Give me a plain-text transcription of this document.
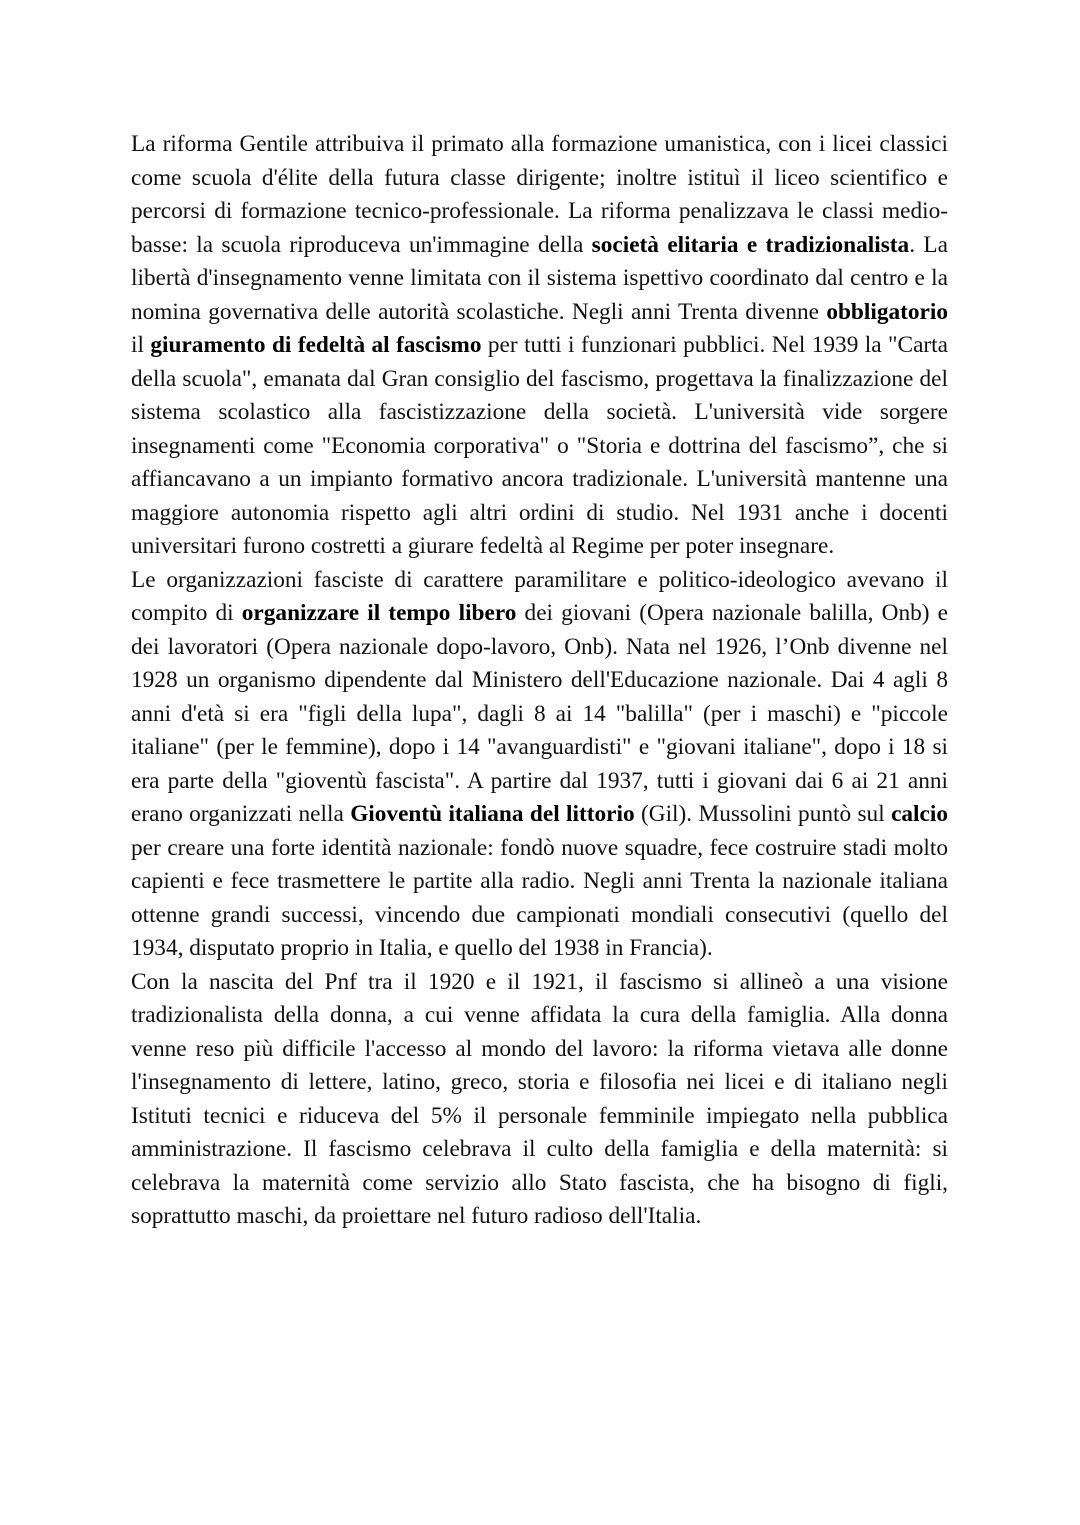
La riforma Gentile attribuiva il primato alla formazione umanistica, con i licei classici come scuola d'élite della futura classe dirigente; inoltre istituì il liceo scientifico e percorsi di formazione tecnico-professionale. La riforma penalizzava le classi medio-basse: la scuola riproduceva un'immagine della società elitaria e tradizionalista. La libertà d'insegnamento venne limitata con il sistema ispettivo coordinato dal centro e la nomina governativa delle autorità scolastiche. Negli anni Trenta divenne obbligatorio il giuramento di fedeltà al fascismo per tutti i funzionari pubblici. Nel 1939 la "Carta della scuola", emanata dal Gran consiglio del fascismo, progettava la finalizzazione del sistema scolastico alla fascistizzazione della società. L'università vide sorgere insegnamenti come "Economia corporativa" o "Storia e dottrina del fascismo”, che si affiancavano a un impianto formativo ancora tradizionale. L'università mantenne una maggiore autonomia rispetto agli altri ordini di studio. Nel 1931 anche i docenti universitari furono costretti a giurare fedeltà al Regime per poter insegnare.

Le organizzazioni fasciste di carattere paramilitare e politico-ideologico avevano il compito di organizzare il tempo libero dei giovani (Opera nazionale balilla, Onb) e dei lavoratori (Opera nazionale dopo-lavoro, Onb). Nata nel 1926, l’Onb divenne nel 1928 un organismo dipendente dal Ministero dell'Educazione nazionale. Dai 4 agli 8 anni d'età si era "figli della lupa", dagli 8 ai 14 "balilla" (per i maschi) e "piccole italiane" (per le femmine), dopo i 14 "avanguardisti" e "giovani italiane", dopo i 18 si era parte della "gioventù fascista". A partire dal 1937, tutti i giovani dai 6 ai 21 anni erano organizzati nella Gioventù italiana del littorio (Gil). Mussolini puntò sul calcio per creare una forte identità nazionale: fondò nuove squadre, fece costruire stadi molto capienti e fece trasmettere le partite alla radio. Negli anni Trenta la nazionale italiana ottenne grandi successi, vincendo due campionati mondiali consecutivi (quello del 1934, disputato proprio in Italia, e quello del 1938 in Francia).

Con la nascita del Pnf tra il 1920 e il 1921, il fascismo si allineò a una visione tradizionalista della donna, a cui venne affidata la cura della famiglia. Alla donna venne reso più difficile l'accesso al mondo del lavoro: la riforma vietava alle donne l'insegnamento di lettere, latino, greco, storia e filosofia nei licei e di italiano negli Istituti tecnici e riduceva del 5% il personale femminile impiegato nella pubblica amministrazione. Il fascismo celebrava il culto della famiglia e della maternità: si celebrava la maternità come servizio allo Stato fascista, che ha bisogno di figli, soprattutto maschi, da proiettare nel futuro radioso dell'Italia.
